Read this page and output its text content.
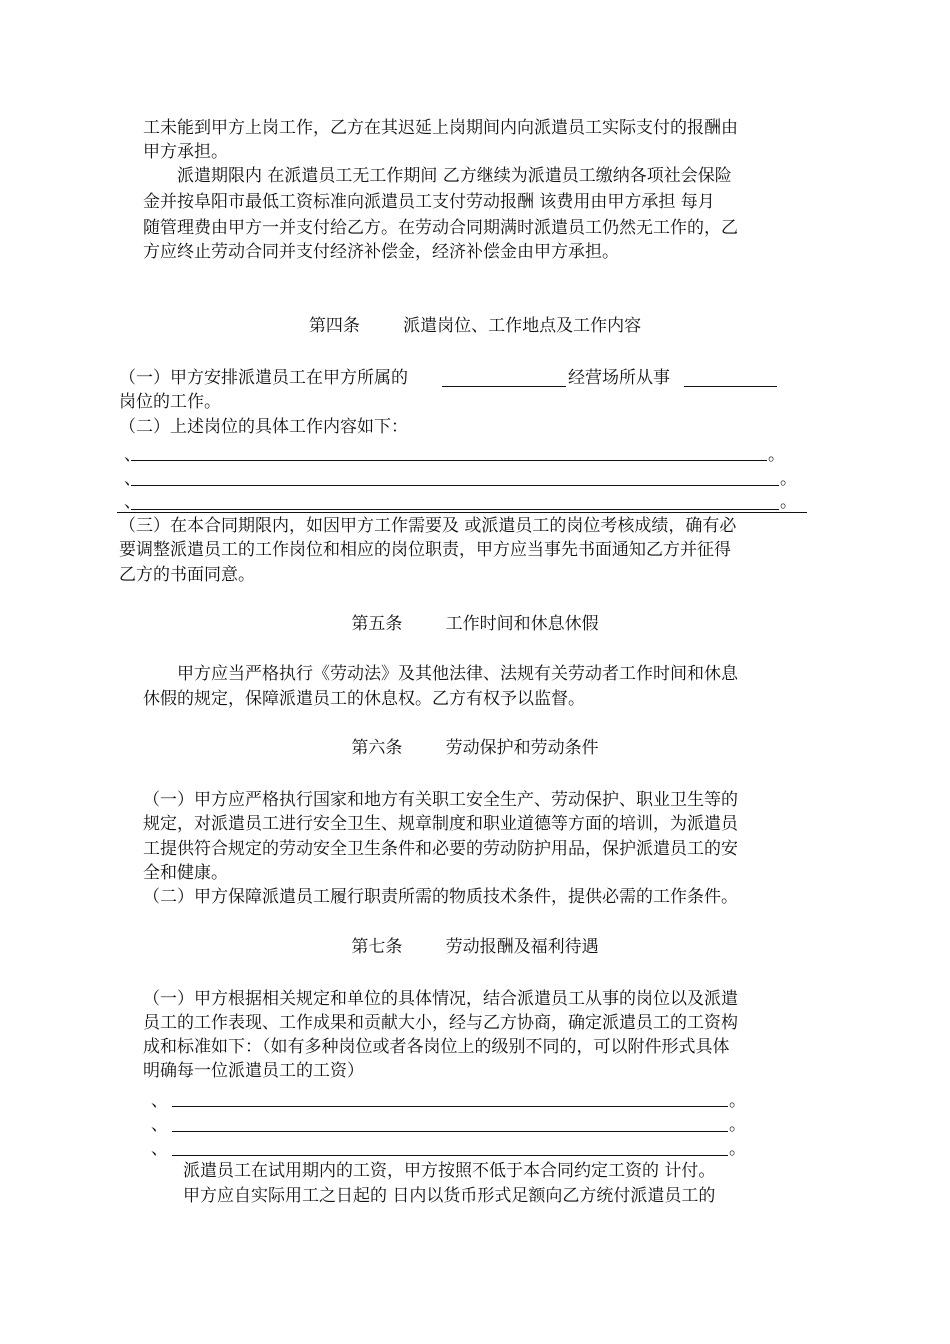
工未能到甲方上岗工作，乙方在其迟延上岗期间内向派遣员工实际支付的报酬由
甲方承担。
派遣期限内 在派遣员工无工作期间 乙方继续为派遣员工缴纳各项社会保险
金并按阜阳市最低工资标准向派遣员工支付劳动报酬 该费用由甲方承担 每月
随管理费由甲方一并支付给乙方。在劳动合同期满时派遣员工仍然无工作的，乙
方应终止劳动合同并支付经济补偿金，经济补偿金由甲方承担。
第四条        派遣岗位、工作地点及工作内容
（一）甲方安排派遣员工在甲方所属的	经营场所从事
岗位的工作。
（二）上述岗位的具体工作内容如下：
、	。
、	。
、	。
（三）在本合同期限内，如因甲方工作需要及 或派遣员工的岗位考核成绩，确有必
要调整派遣员工的工作岗位和相应的岗位职责，甲方应当事先书面通知乙方并征得
乙方的书面同意。
第五条        工作时间和休息休假
甲方应当严格执行《劳动法》及其他法律、法规有关劳动者工作时间和休息
休假的规定，保障派遣员工的休息权。乙方有权予以监督。
第六条        劳动保护和劳动条件
（一）甲方应严格执行国家和地方有关职工安全生产、劳动保护、职业卫生等的
规定，对派遣员工进行安全卫生、规章制度和职业道德等方面的培训，为派遣员
工提供符合规定的劳动安全卫生条件和必要的劳动防护用品，保护派遣员工的安
全和健康。
（二）甲方保障派遣员工履行职责所需的物质技术条件，提供必需的工作条件。
第七条        劳动报酬及福利待遇
（一）甲方根据相关规定和单位的具体情况，结合派遣员工从事的岗位以及派遣
员工的工作表现、工作成果和贡献大小，经与乙方协商，确定派遣员工的工资构
成和标准如下：（如有多种岗位或者各岗位上的级别不同的，可以附件形式具体
明确每一位派遣员工的工资）
、	。
、	。
、	。
派遣员工在试用期内的工资，甲方按照不低于本合同约定工资的 计付。
甲方应自实际用工之日起的 日内以货币形式足额向乙方统付派遣员工的
